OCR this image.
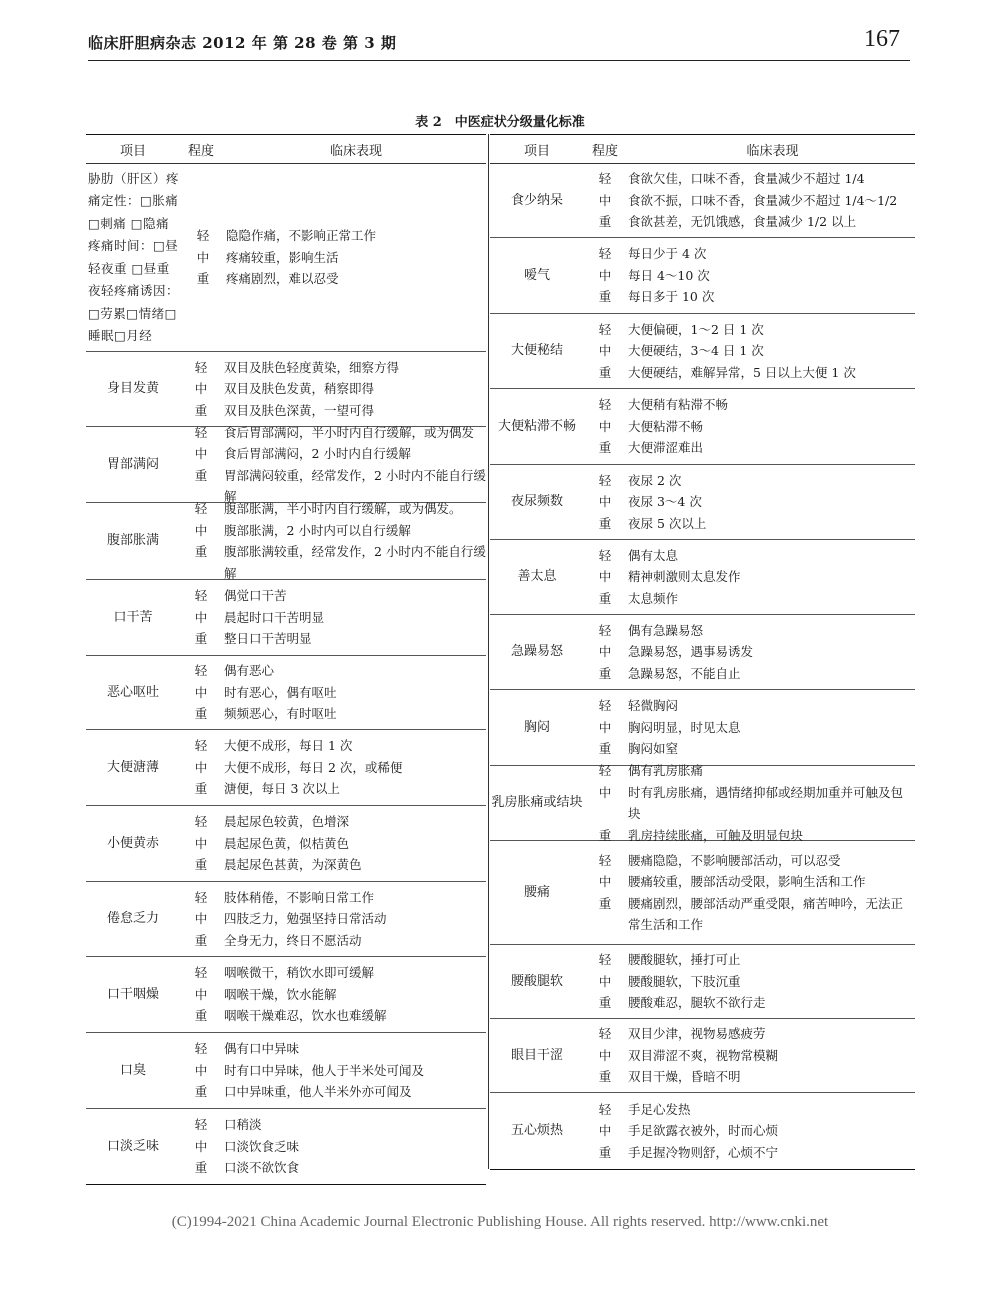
临床肝胆病杂志 2012 年 第 28 卷 第 3 期	167
表 2　中医症状分级量化标准
项目	程度	临床表现
胁肋（肝区）疼痛定性：□胀痛□刺痛 □隐痛疼痛时间：□昼轻夜重 □昼重夜轻疼痛诱因：□劳累□情绪□睡眠□月经
轻	隐隐作痛，不影响正常工作
中	疼痛较重，影响生活
重	疼痛剧烈，难以忍受
身目发黄
轻	双目及肤色轻度黄染，细察方得
中	双目及肤色发黄，稍察即得
重	双目及肤色深黄，一望可得
胃部满闷
轻	食后胃部满闷，半小时内自行缓解，或为偶发
中	食后胃部满闷，2 小时内自行缓解
重	胃部满闷较重，经常发作，2 小时内不能自行缓解
腹部胀满
轻	腹部胀满，半小时内自行缓解，或为偶发。
中	腹部胀满，2 小时内可以自行缓解
重	腹部胀满较重，经常发作，2 小时内不能自行缓解
口干苦
轻	偶觉口干苦
中	晨起时口干苦明显
重	整日口干苦明显
恶心呕吐
轻	偶有恶心
中	时有恶心，偶有呕吐
重	频频恶心，有时呕吐
大便溏薄
轻	大便不成形，每日 1 次
中	大便不成形，每日 2 次，或稀便
重	溏便，每日 3 次以上
小便黄赤
轻	晨起尿色较黄，色增深
中	晨起尿色黄，似桔黄色
重	晨起尿色甚黄，为深黄色
倦怠乏力
轻	肢体稍倦，不影响日常工作
中	四肢乏力，勉强坚持日常活动
重	全身无力，终日不愿活动
口干咽燥
轻	咽喉微干，稍饮水即可缓解
中	咽喉干燥，饮水能解
重	咽喉干燥难忍，饮水也难缓解
口臭
轻	偶有口中异味
中	时有口中异味，他人于半米处可闻及
重	口中异味重，他人半米外亦可闻及
口淡乏味
轻	口稍淡
中	口淡饮食乏味
重	口淡不欲饮食
项目	程度	临床表现
食少纳呆
轻	食欲欠佳，口味不香，食量减少不超过 1/4
中	食欲不振，口味不香，食量减少不超过 1/4～1/2
重	食欲甚差，无饥饿感，食量减少 1/2 以上
嗳气
轻	每日少于 4 次
中	每日 4～10 次
重	每日多于 10 次
大便秘结
轻	大便偏硬，1～2 日 1 次
中	大便硬结，3～4 日 1 次
重	大便硬结，难解异常，5 日以上大便 1 次
大便粘滞不畅
轻	大便稍有粘滞不畅
中	大便粘滞不畅
重	大便滞涩难出
夜尿频数
轻	夜尿 2 次
中	夜尿 3～4 次
重	夜尿 5 次以上
善太息
轻	偶有太息
中	精神刺激则太息发作
重	太息频作
急躁易怒
轻	偶有急躁易怒
中	急躁易怒，遇事易诱发
重	急躁易怒，不能自止
胸闷
轻	轻微胸闷
中	胸闷明显，时见太息
重	胸闷如窒
乳房胀痛或结块
轻	偶有乳房胀痛
中	时有乳房胀痛，遇情绪抑郁或经期加重并可触及包块
重	乳房持续胀痛，可触及明显包块
腰痛
轻	腰痛隐隐，不影响腰部活动，可以忍受
中	腰痛较重，腰部活动受限，影响生活和工作
重	腰痛剧烈，腰部活动严重受限，痛苦呻吟，无法正常生活和工作
腰酸腿软
轻	腰酸腿软，捶打可止
中	腰酸腿软，下肢沉重
重	腰酸难忍，腿软不欲行走
眼目干涩
轻	双目少津，视物易感疲劳
中	双目滞涩不爽，视物常模糊
重	双目干燥，昏暗不明
五心烦热
轻	手足心发热
中	手足欲露衣被外，时而心烦
重	手足握冷物则舒，心烦不宁
(C)1994-2021 China Academic Journal Electronic Publishing House. All rights reserved. http://www.cnki.net
